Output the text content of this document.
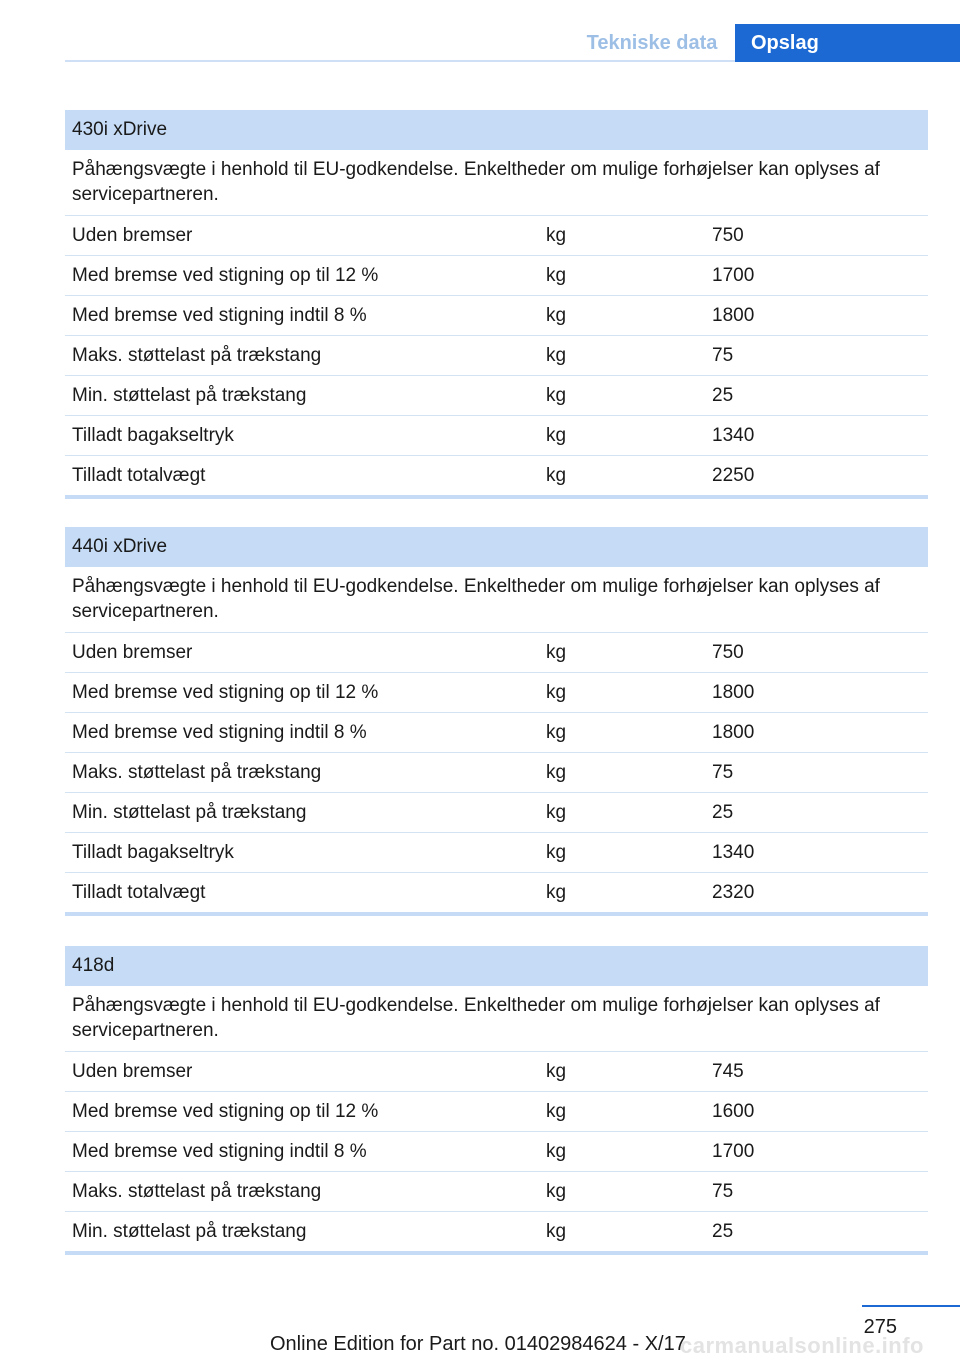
Tekniske data	Opslag
430i xDrive
Påhængsvægte i henhold til EU-godkendelse. Enkeltheder om mulige forhøjelser kan oplyses af servicepartneren.
Uden bremser	kg	750
Med bremse ved stigning op til 12 %	kg	1700
Med bremse ved stigning indtil 8 %	kg	1800
Maks. støttelast på trækstang	kg	75
Min. støttelast på trækstang	kg	25
Tilladt bagakseltryk	kg	1340
Tilladt totalvægt	kg	2250
440i xDrive
Påhængsvægte i henhold til EU-godkendelse. Enkeltheder om mulige forhøjelser kan oplyses af servicepartneren.
Uden bremser	kg	750
Med bremse ved stigning op til 12 %	kg	1800
Med bremse ved stigning indtil 8 %	kg	1800
Maks. støttelast på trækstang	kg	75
Min. støttelast på trækstang	kg	25
Tilladt bagakseltryk	kg	1340
Tilladt totalvægt	kg	2320
418d
Påhængsvægte i henhold til EU-godkendelse. Enkeltheder om mulige forhøjelser kan oplyses af servicepartneren.
Uden bremser	kg	745
Med bremse ved stigning op til 12 %	kg	1600
Med bremse ved stigning indtil 8 %	kg	1700
Maks. støttelast på trækstang	kg	75
Min. støttelast på trækstang	kg	25
275
Online Edition for Part no. 01402984624 - X/17
carmanualsonline.info
